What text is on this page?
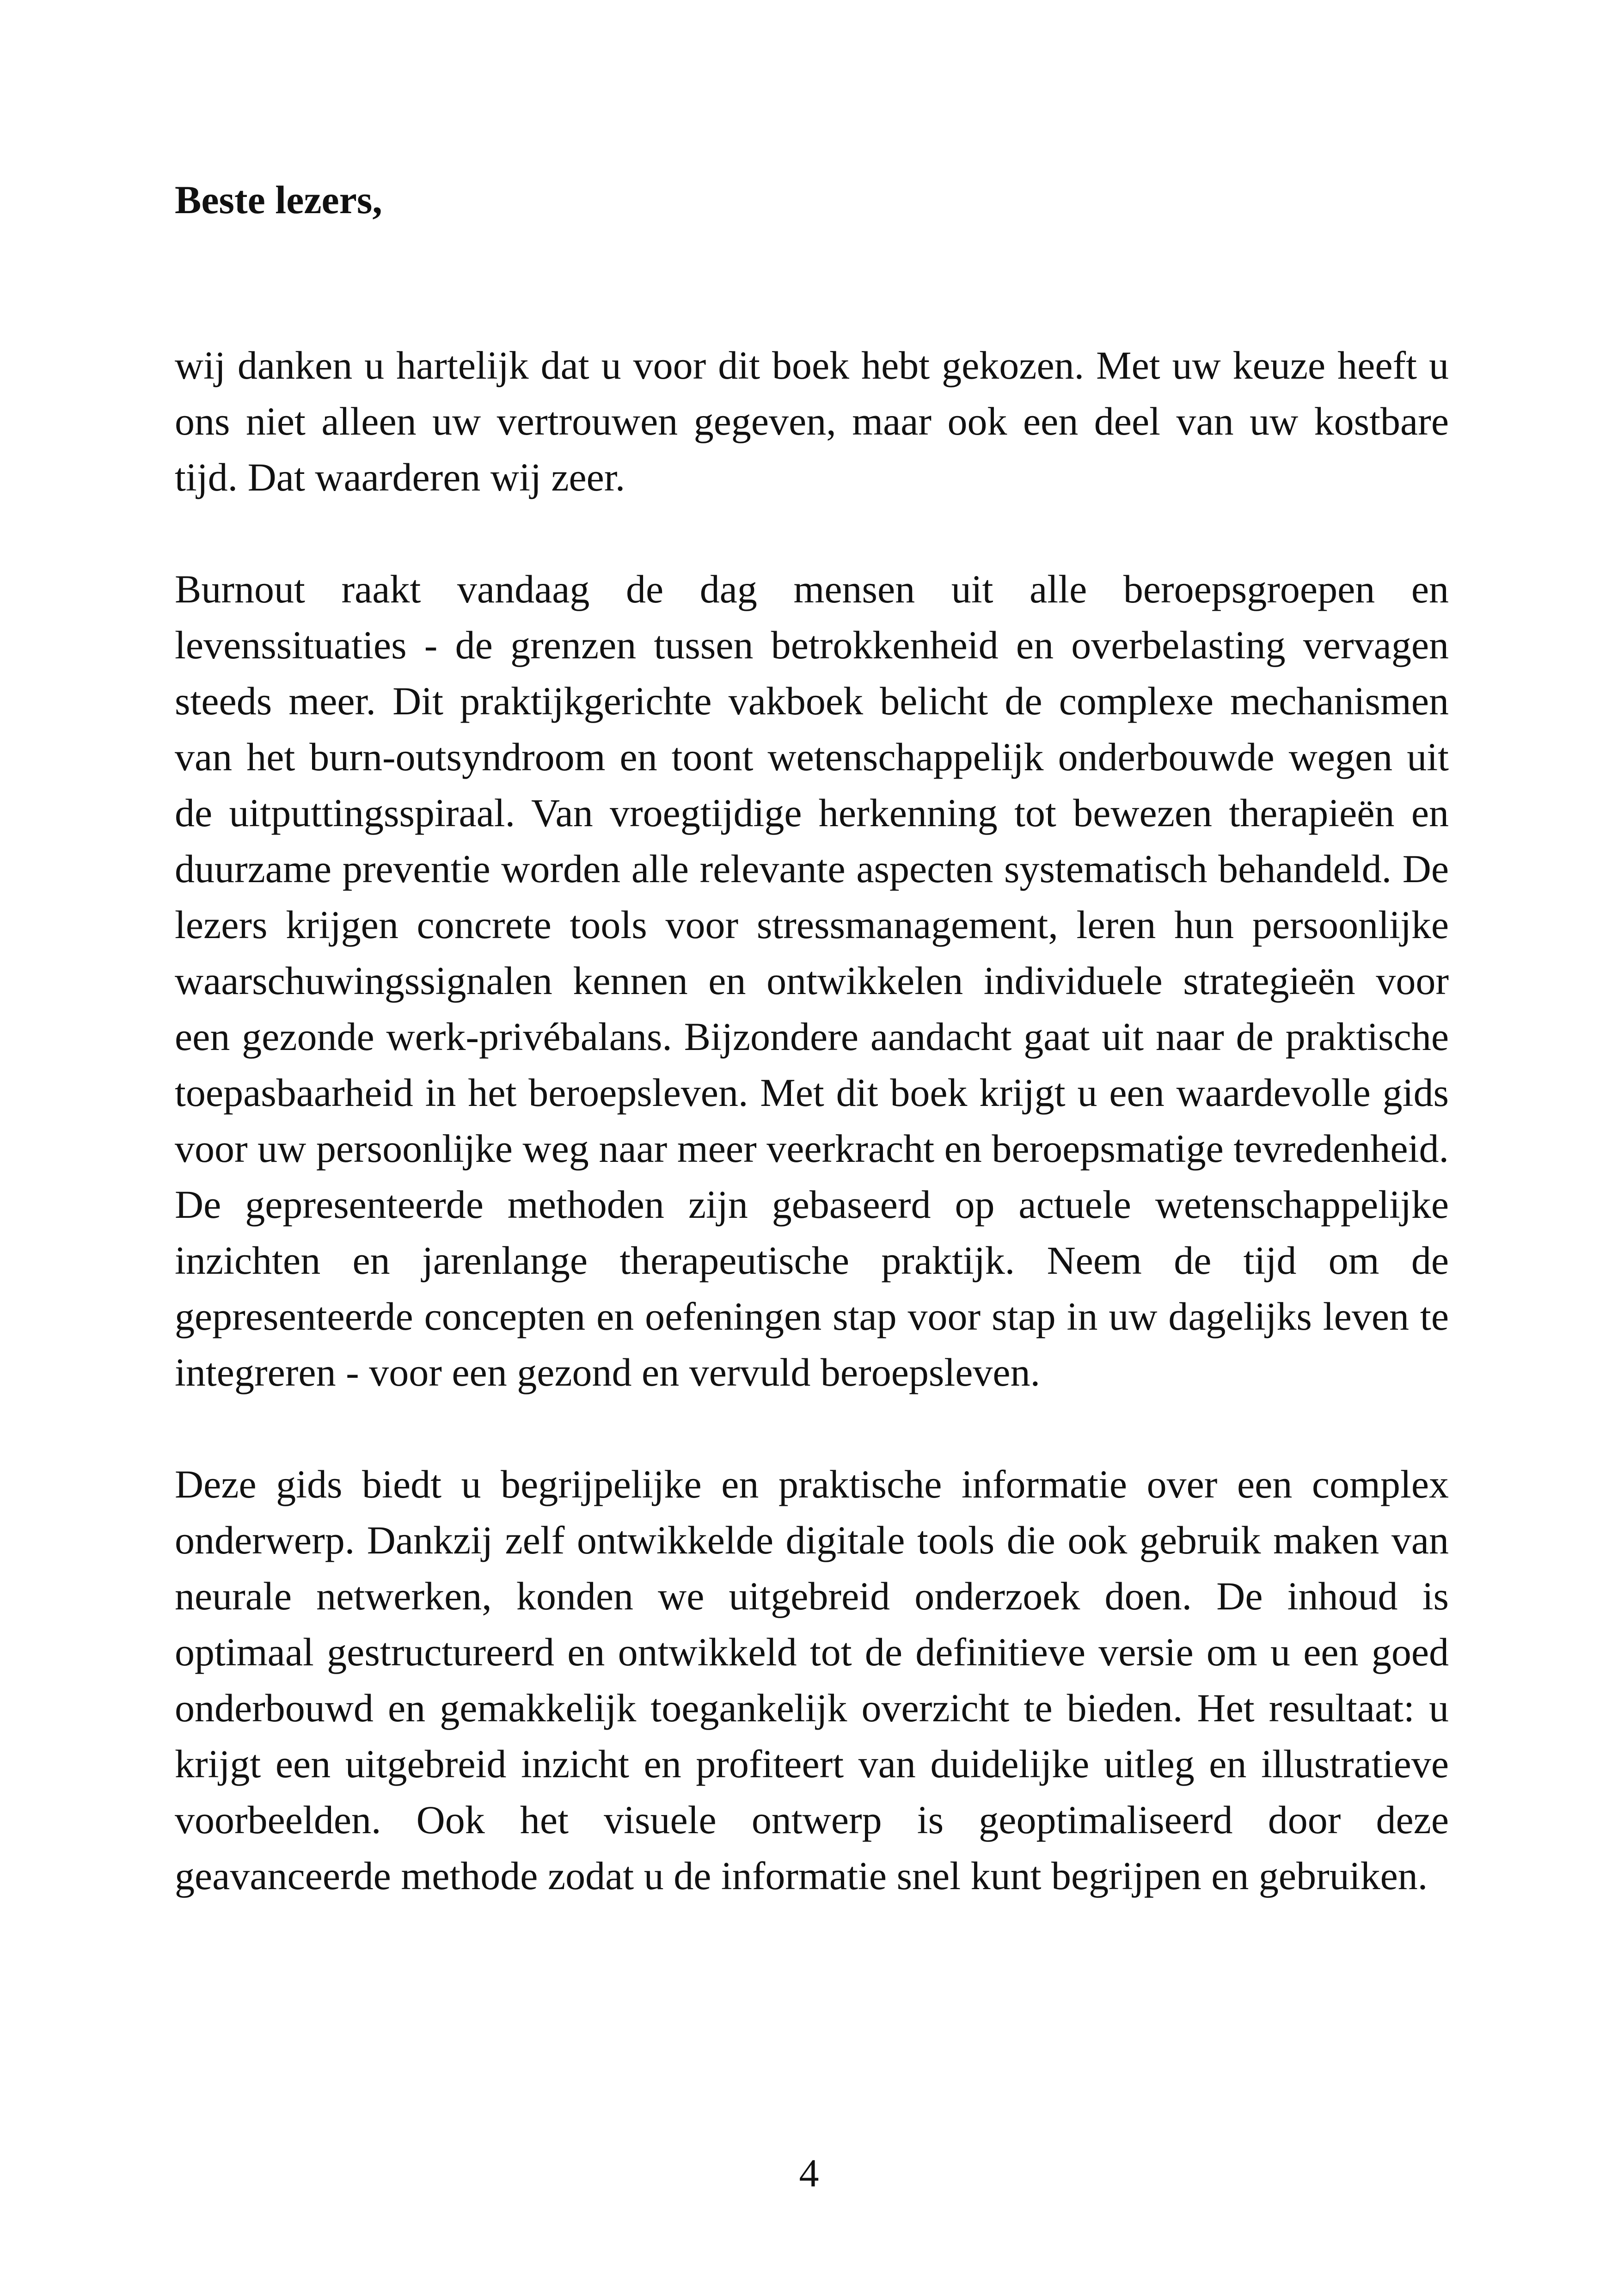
Beste lezers,

wij danken u hartelijk dat u voor dit boek hebt gekozen. Met uw keuze heeft u ons niet alleen uw vertrouwen gegeven, maar ook een deel van uw kostbare tijd. Dat waarderen wij zeer.

Burnout raakt vandaag de dag mensen uit alle beroepsgroepen en levenssituaties - de grenzen tussen betrokkenheid en overbelasting vervagen steeds meer. Dit praktijkgerichte vakboek belicht de complexe mechanismen van het burn-outsyndroom en toont wetenschappelijk onderbouwde wegen uit de uitputtingsspiraal. Van vroegtijdige herkenning tot bewezen therapieën en duurzame preventie worden alle relevante aspecten systematisch behandeld. De lezers krijgen concrete tools voor stressmanagement, leren hun persoonlijke waarschuwingssignalen kennen en ontwikkelen individuele strategieën voor een gezonde werk-privébalans. Bijzondere aandacht gaat uit naar de praktische toepasbaarheid in het beroepsleven. Met dit boek krijgt u een waardevolle gids voor uw persoonlijke weg naar meer veerkracht en beroepsmatige tevredenheid. De gepresenteerde methoden zijn gebaseerd op actuele wetenschappelijke inzichten en jarenlange therapeutische praktijk. Neem de tijd om de gepresenteerde concepten en oefeningen stap voor stap in uw dagelijks leven te integreren - voor een gezond en vervuld beroepsleven.

Deze gids biedt u begrijpelijke en praktische informatie over een complex onderwerp. Dankzij zelf ontwikkelde digitale tools die ook gebruik maken van neurale netwerken, konden we uitgebreid onderzoek doen. De inhoud is optimaal gestructureerd en ontwikkeld tot de definitieve versie om u een goed onderbouwd en gemakkelijk toegankelijk overzicht te bieden. Het resultaat: u krijgt een uitgebreid inzicht en profiteert van duidelijke uitleg en illustratieve voorbeelden. Ook het visuele ontwerp is geoptimaliseerd door deze geavanceerde methode zodat u de informatie snel kunt begrijpen en gebruiken.

4
